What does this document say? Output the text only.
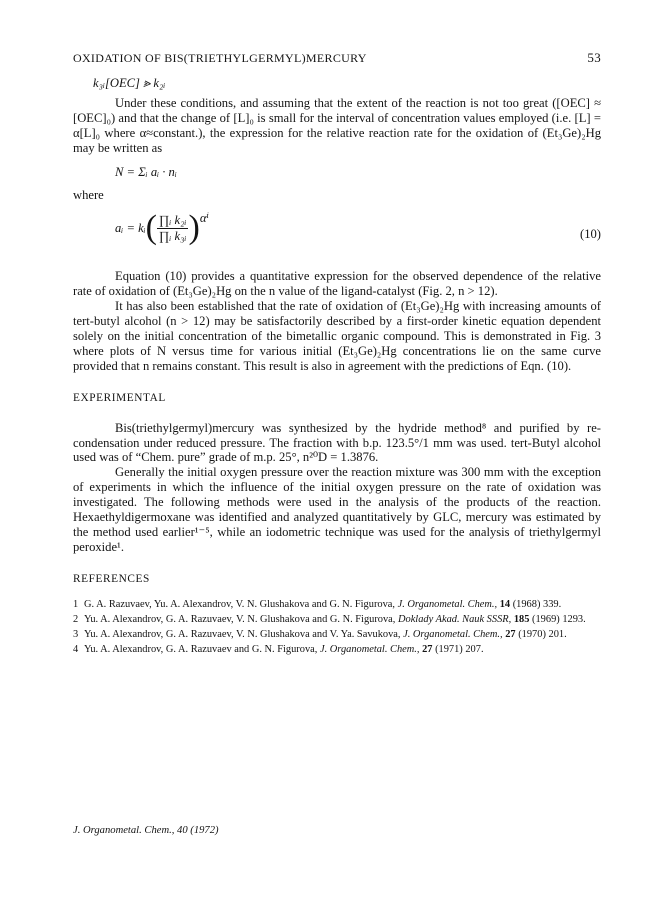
OXIDATION OF BIS(TRIETHYLGERMYL)MERCURY	53

k₃ᵢ[OEC] ⪢ k₂ᵢ

Under these conditions, and assuming that the extent of the reaction is not too great ([OEC] ≈ [OEC]₀) and that the change of [L]₀ is small for the interval of concentration values employed (i.e. [L] = α[L]₀ where α≈constant.), the expression for the relative reaction rate for the oxidation of (Et₃Ge)₂Hg may be written as

N = Σᵢ aᵢ · nᵢ

where

aᵢ = kᵢ ( $\frac{\text{∏ᵢ k₂ᵢ}}{\text{∏ᵢ k₃ᵢ}}$ ) αⁱ
(10)

Equation (10) provides a quantitative expression for the observed dependence of the relative rate of oxidation of (Et₃Ge)₂Hg on the n value of the ligand-catalyst (Fig. 2, n > 12).

It has also been established that the rate of oxidation of (Et₃Ge)₂Hg with increasing amounts of tert-butyl alcohol (n > 12) may be satisfactorily described by a first-order kinetic equation dependent solely on the initial concentration of the bimetallic organic compound. This is demonstrated in Fig. 3 where plots of N versus time for various initial (Et₃Ge)₂Hg concentrations lie on the same curve provided that n remains constant. This result is also in agreement with the predictions of Eqn. (10).

EXPERIMENTAL

Bis(triethylgermyl)mercury was synthesized by the hydride method⁸ and purified by re-condensation under reduced pressure. The fraction with b.p. 123.5°/1 mm was used. tert-Butyl alcohol used was of “Chem. pure” grade of m.p. 25°, n²⁰D = 1.3876.

Generally the initial oxygen pressure over the reaction mixture was 300 mm with the exception of experiments in which the influence of the initial oxygen pressure on the rate of oxidation was investigated. The following methods were used in the analysis of the products of the reaction. Hexaethyldigermoxane was identified and analyzed quantitatively by GLC, mercury was estimated by the method used earlier¹⁻⁵, while an iodometric technique was used for the analysis of triethylgermyl peroxide¹.

REFERENCES

1 G. A. Razuvaev, Yu. A. Alexandrov, V. N. Glushakova and G. N. Figurova, J. Organometal. Chem., 14 (1968) 339.
2 Yu. A. Alexandrov, G. A. Razuvaev, V. N. Glushakova and G. N. Figurova, Doklady Akad. Nauk SSSR, 185 (1969) 1293.
3 Yu. A. Alexandrov, G. A. Razuvaev, V. N. Glushakova and V. Ya. Savukova, J. Organometal. Chem., 27 (1970) 201.
4 Yu. A. Alexandrov, G. A. Razuvaev and G. N. Figurova, J. Organometal. Chem., 27 (1971) 207.
J. Organometal. Chem., 40 (1972)
